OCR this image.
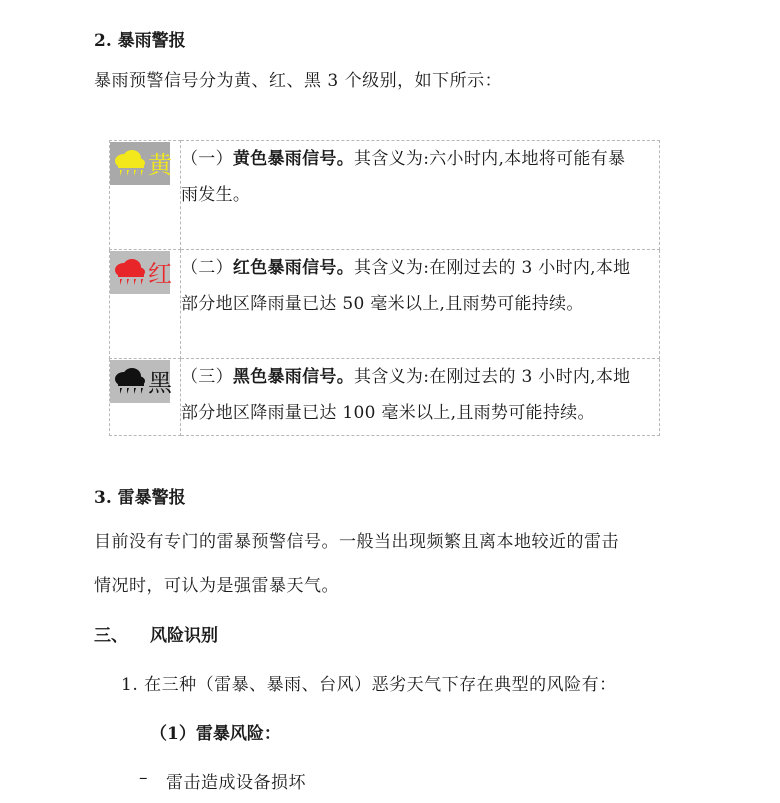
2. 暴雨警报
暴雨预警信号分为黄、红、黑 3 个级别，如下所示：
黄	（一）黄色暴雨信号。其含义为:六小时内,本地将可能有暴
雨发生。

红	（二）红色暴雨信号。其含义为:在刚过去的 3 小时内,本地
部分地区降雨量已达 50 毫米以上,且雨势可能持续。

黑	（三）黑色暴雨信号。其含义为:在刚过去的 3 小时内,本地
部分地区降雨量已达 100 毫米以上,且雨势可能持续。
3. 雷暴警报
目前没有专门的雷暴预警信号。一般当出现频繁且离本地较近的雷击
情况时，可认为是强雷暴天气。
三、 风险识别
1. 在三种（雷暴、暴雨、台风）恶劣天气下存在典型的风险有：
（1）雷暴风险：
– 雷击造成设备损坏
